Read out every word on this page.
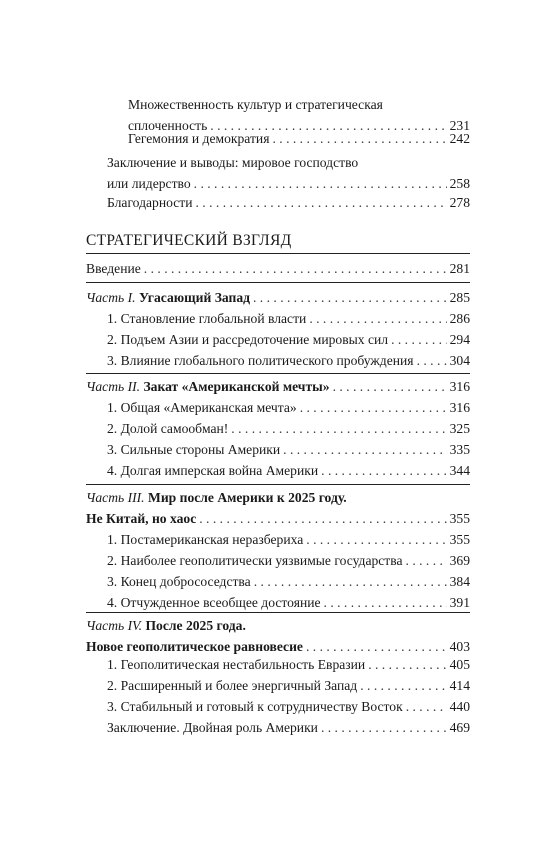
Множественность культур и стратегическая
сплоченность . . .	231
Гегемония и демократия . . .	242
Заключение и выводы: мировое господство
или лидерство . . .	258
Благодарности . . .	278
СТРАТЕГИЧЕСКИЙ ВЗГЛЯД
Введение . . .	281
Часть I. Угасающий Запад . . .	285
1. Становление глобальной власти . . .	286
2. Подъем Азии и рассредоточение мировых сил . . .	294
3. Влияние глобального политического пробуждения . . .	304
Часть II. Закат «Американской мечты» . . .	316
1. Общая «Американская мечта» . . .	316
2. Долой самообман! . . .	325
3. Сильные стороны Америки . . .	335
4. Долгая имперская война Америки . . .	344
Часть III. Мир после Америки к 2025 году.
Не Китай, но хаос . . .	355
1. Постамериканская неразбериха . . .	355
2. Наиболее геополитически уязвимые государства . . .	369
3. Конец добрососедства . . .	384
4. Отчужденное всеобщее достояние . . .	391
Часть IV. После 2025 года.
Новое геополитическое равновесие . . .	403
1. Геополитическая нестабильность Евразии . . .	405
2. Расширенный и более энергичный Запад . . .	414
3. Стабильный и готовый к сотрудничеству Восток . . .	440
Заключение. Двойная роль Америки . . .	469
